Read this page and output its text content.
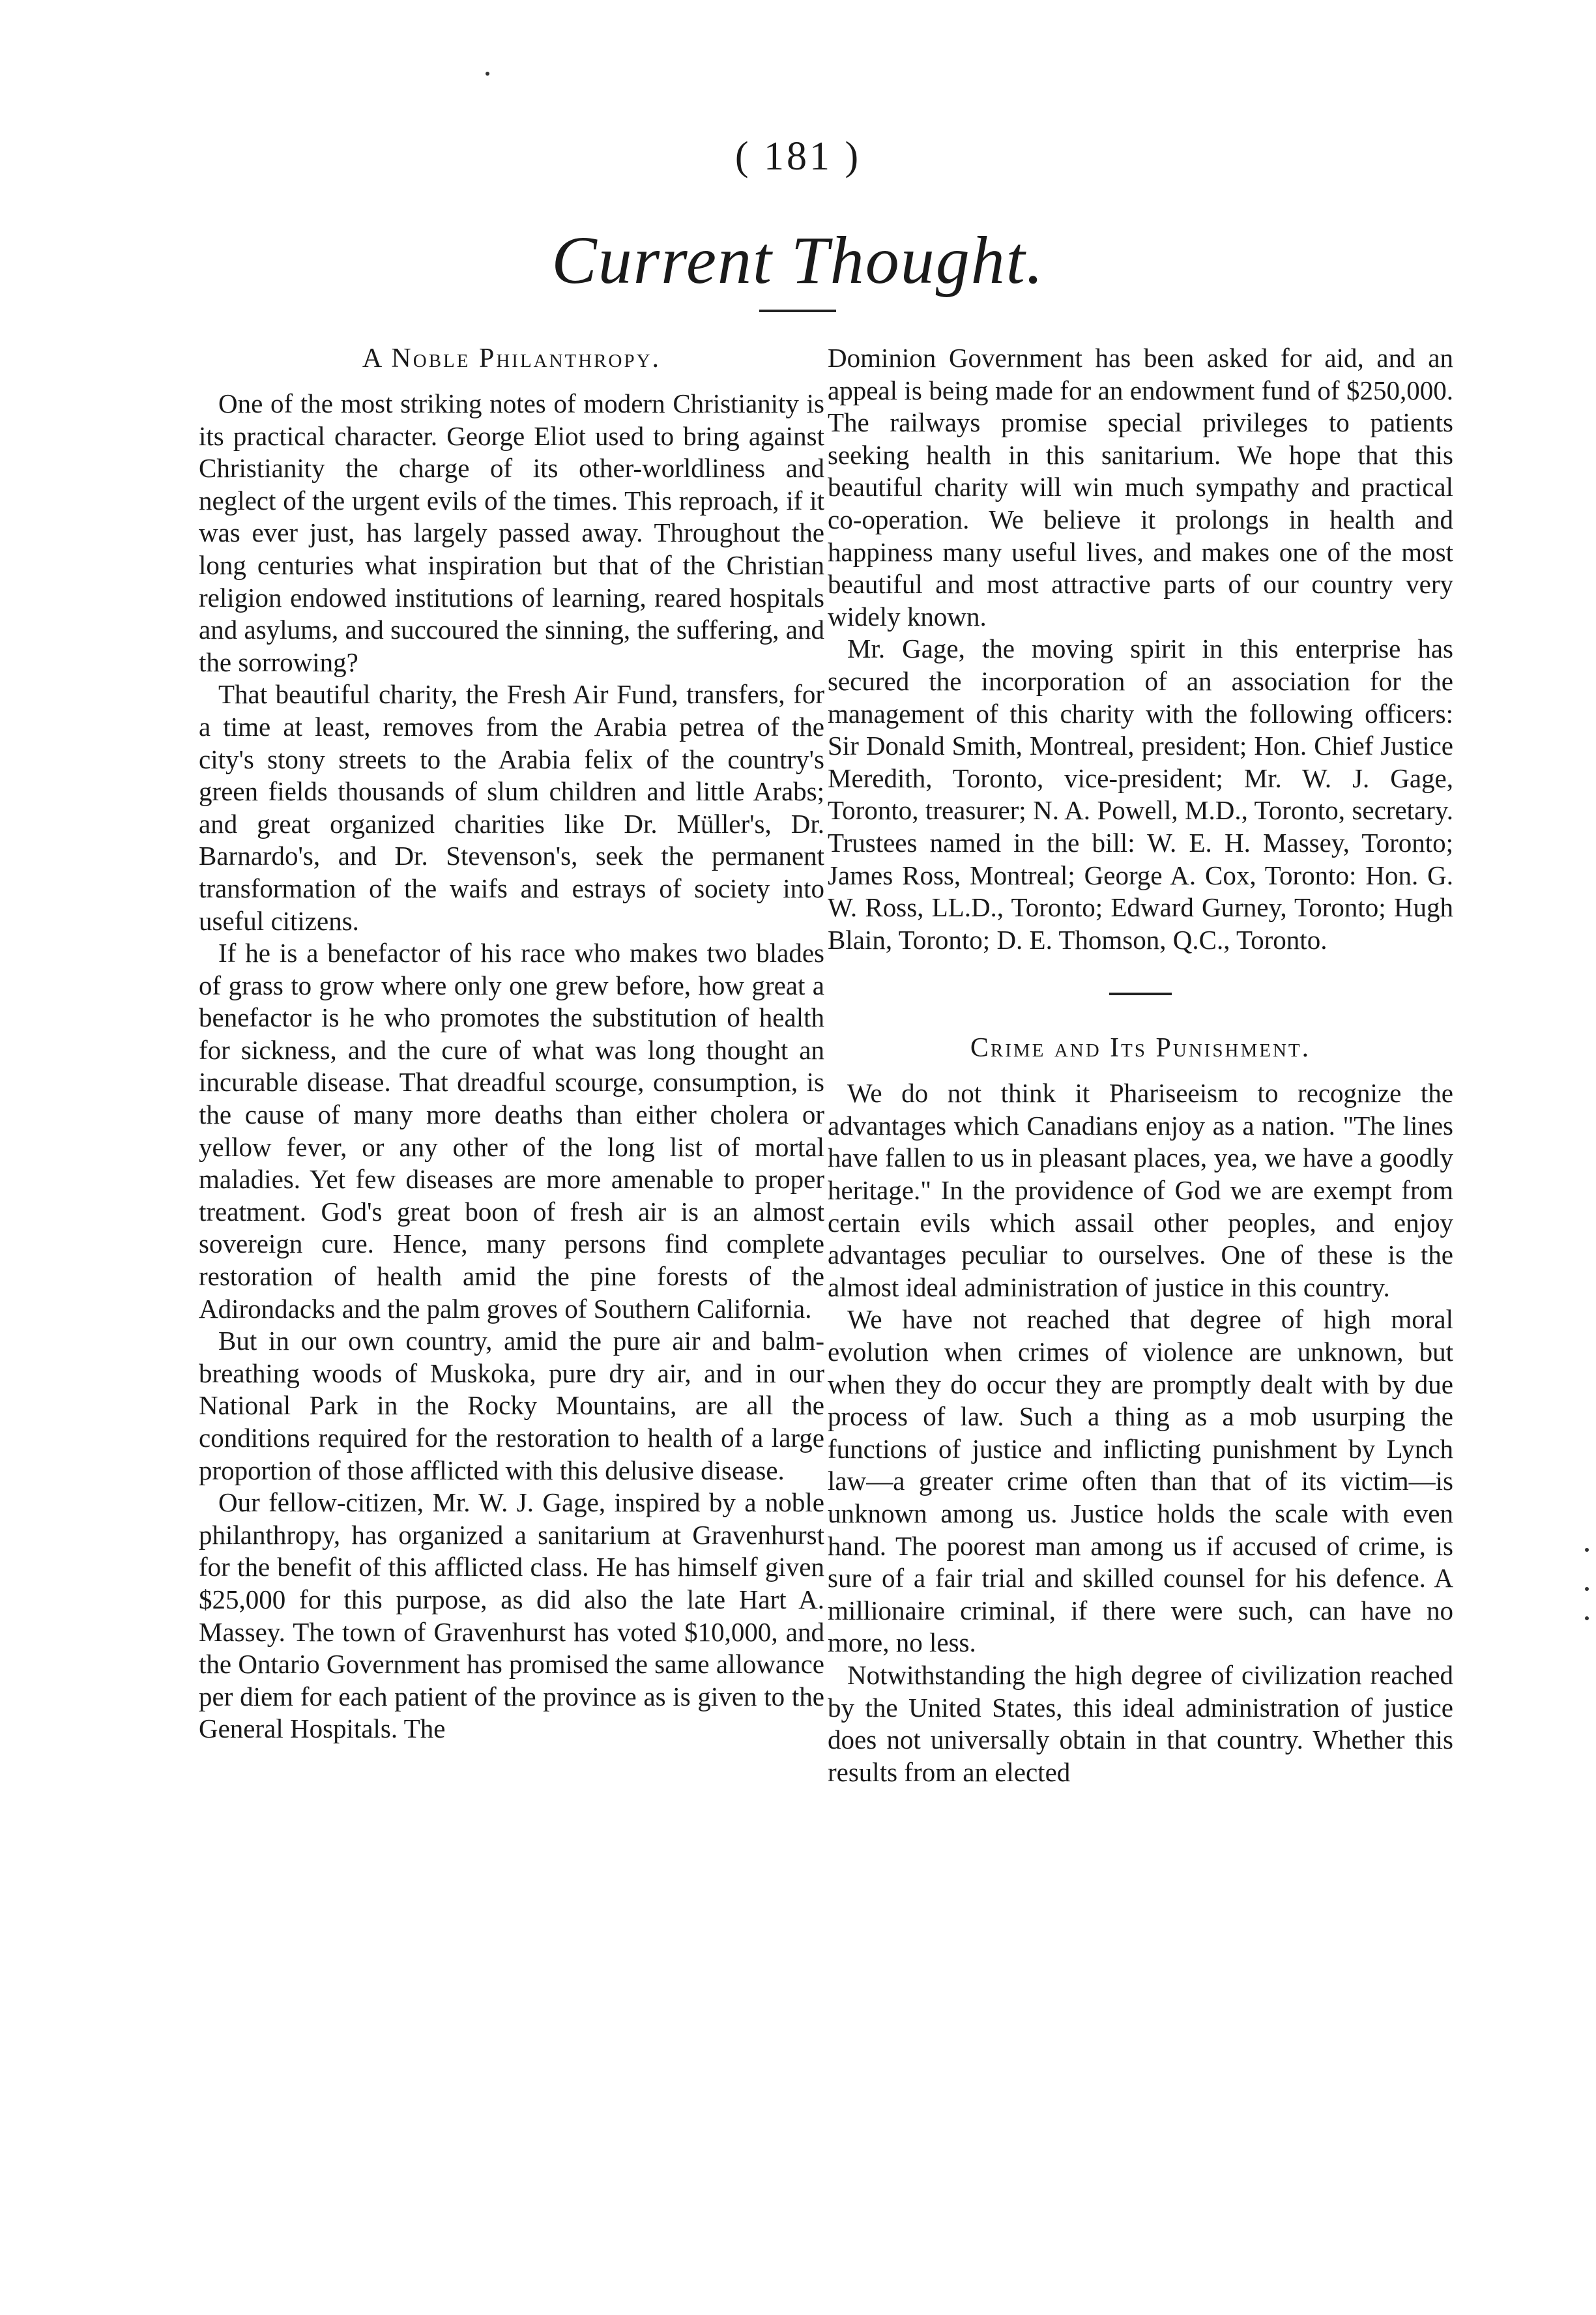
( 181 )
Current Thought.
A Noble Philanthropy.

One of the most striking notes of modern Christianity is its practical character. George Eliot used to bring against Christianity the charge of its other-worldliness and neglect of the urgent evils of the times. This reproach, if it was ever just, has largely passed away. Throughout the long centuries what inspiration but that of the Christian religion endowed institutions of learning, reared hospitals and asylums, and succoured the sinning, the suffering, and the sorrowing?

That beautiful charity, the Fresh Air Fund, transfers, for a time at least, removes from the Arabia petrea of the city's stony streets to the Arabia felix of the country's green fields thousands of slum children and little Arabs; and great organized charities like Dr. Müller's, Dr. Barnardo's, and Dr. Stevenson's, seek the permanent transformation of the waifs and estrays of society into useful citizens.

If he is a benefactor of his race who makes two blades of grass to grow where only one grew before, how great a benefactor is he who promotes the substitution of health for sickness, and the cure of what was long thought an incurable disease. That dreadful scourge, consumption, is the cause of many more deaths than either cholera or yellow fever, or any other of the long list of mortal maladies. Yet few diseases are more amenable to proper treatment. God's great boon of fresh air is an almost sovereign cure. Hence, many persons find complete restoration of health amid the pine forests of the Adirondacks and the palm groves of Southern California.

But in our own country, amid the pure air and balm-breathing woods of Muskoka, pure dry air, and in our National Park in the Rocky Mountains, are all the conditions required for the restoration to health of a large proportion of those afflicted with this delusive disease.

Our fellow-citizen, Mr. W. J. Gage, inspired by a noble philanthropy, has organized a sanitarium at Gravenhurst for the benefit of this afflicted class. He has himself given $25,000 for this purpose, as did also the late Hart A. Massey. The town of Gravenhurst has voted $10,000, and the Ontario Government has promised the same allowance per diem for each patient of the province as is given to the General Hospitals. The

Dominion Government has been asked for aid, and an appeal is being made for an endowment fund of $250,000. The railways promise special privileges to patients seeking health in this sanitarium. We hope that this beautiful charity will win much sympathy and practical co-operation. We believe it prolongs in health and happiness many useful lives, and makes one of the most beautiful and most attractive parts of our country very widely known.

Mr. Gage, the moving spirit in this enterprise has secured the incorporation of an association for the management of this charity with the following officers: Sir Donald Smith, Montreal, president; Hon. Chief Justice Meredith, Toronto, vice-president; Mr. W. J. Gage, Toronto, treasurer; N. A. Powell, M.D., Toronto, secretary. Trustees named in the bill: W. E. H. Massey, Toronto; James Ross, Montreal; George A. Cox, Toronto: Hon. G. W. Ross, LL.D., Toronto; Edward Gurney, Toronto; Hugh Blain, Toronto; D. E. Thomson, Q.C., Toronto.

Crime and Its Punishment.

We do not think it Phariseeism to recognize the advantages which Canadians enjoy as a nation. "The lines have fallen to us in pleasant places, yea, we have a goodly heritage." In the providence of God we are exempt from certain evils which assail other peoples, and enjoy advantages peculiar to ourselves. One of these is the almost ideal administration of justice in this country.

We have not reached that degree of high moral evolution when crimes of violence are unknown, but when they do occur they are promptly dealt with by due process of law. Such a thing as a mob usurping the functions of justice and inflicting punishment by Lynch law—a greater crime often than that of its victim—is unknown among us. Justice holds the scale with even hand. The poorest man among us if accused of crime, is sure of a fair trial and skilled counsel for his defence. A millionaire criminal, if there were such, can have no more, no less.

Notwithstanding the high degree of civilization reached by the United States, this ideal administration of justice does not universally obtain in that country. Whether this results from an elected
